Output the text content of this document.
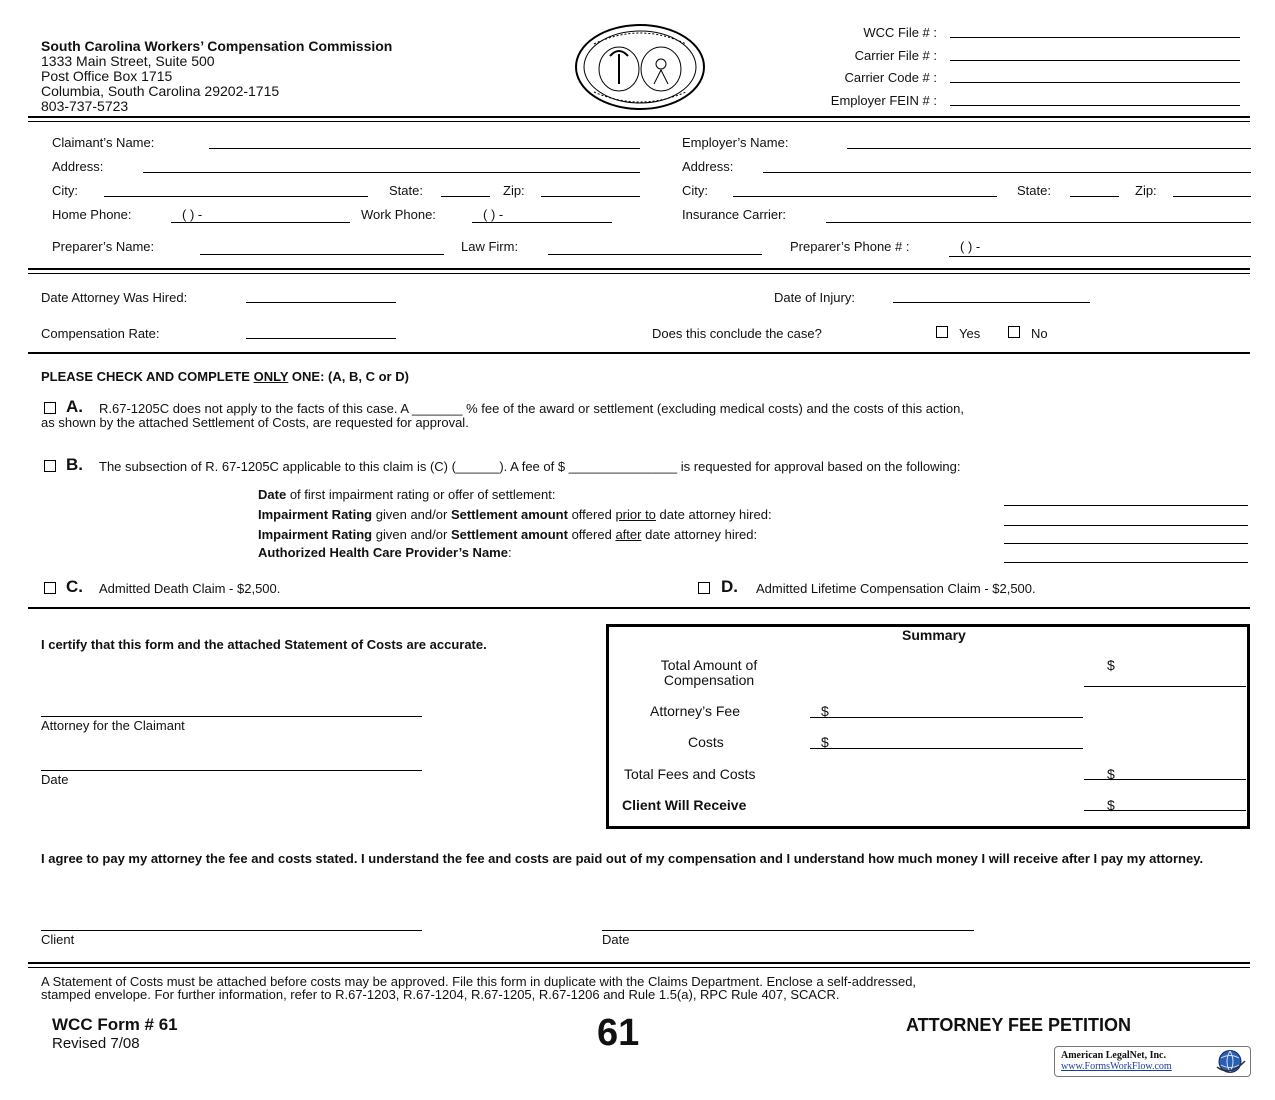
South Carolina Workers’ Compensation Commission
1333 Main Street, Suite 500
Post Office Box 1715
Columbia, South Carolina 29202-1715
803-737-5723
WCC File # :
Carrier File # :
Carrier Code # :
Employer FEIN # :
Claimant’s Name:
Address:
City:	State:	Zip:
Home Phone:	( ) -	Work Phone:	( ) -
Employer’s Name:
Address:
City:	State:	Zip:
Insurance Carrier:
Preparer’s Name:	Law Firm:	Preparer’s Phone # :	( ) -
Date Attorney Was Hired:	Date of Injury:
Compensation Rate:	Does this conclude the case?	Yes	No
PLEASE CHECK AND COMPLETE ONLY ONE: (A, B, C or D)
A. R.67-1205C does not apply to the facts of this case. A _______ % fee of the award or settlement (excluding medical costs) and the costs of this action,
as shown by the attached Settlement of Costs, are requested for approval.
B. The subsection of R. 67-1205C applicable to this claim is (C) (______). A fee of $ _______________ is requested for approval based on the following:
Date of first impairment rating or offer of settlement:
Impairment Rating given and/or Settlement amount offered prior to date attorney hired:
Impairment Rating given and/or Settlement amount offered after date attorney hired:
Authorized Health Care Provider’s Name:
C. Admitted Death Claim - $2,500.	D. Admitted Lifetime Compensation Claim - $2,500.
I certify that this form and the attached Statement of Costs are accurate.
Attorney for the Claimant
Date
Summary
Total Amount of
Compensation
$
Attorney’s Fee	$
Costs	$
Total Fees and Costs	$
Client Will Receive	$
I agree to pay my attorney the fee and costs stated. I understand the fee and costs are paid out of my compensation and I understand how much money I will receive after I pay my attorney.
Client	Date
A Statement of Costs must be attached before costs may be approved. File this form in duplicate with the Claims Department. Enclose a self-addressed,
stamped envelope. For further information, refer to R.67-1203, R.67-1204, R.67-1205, R.67-1206 and Rule 1.5(a), RPC Rule 407, SCACR.
WCC Form # 61
Revised 7/08	61	ATTORNEY FEE PETITION
American LegalNet, Inc.
www.FormsWorkFlow.com
